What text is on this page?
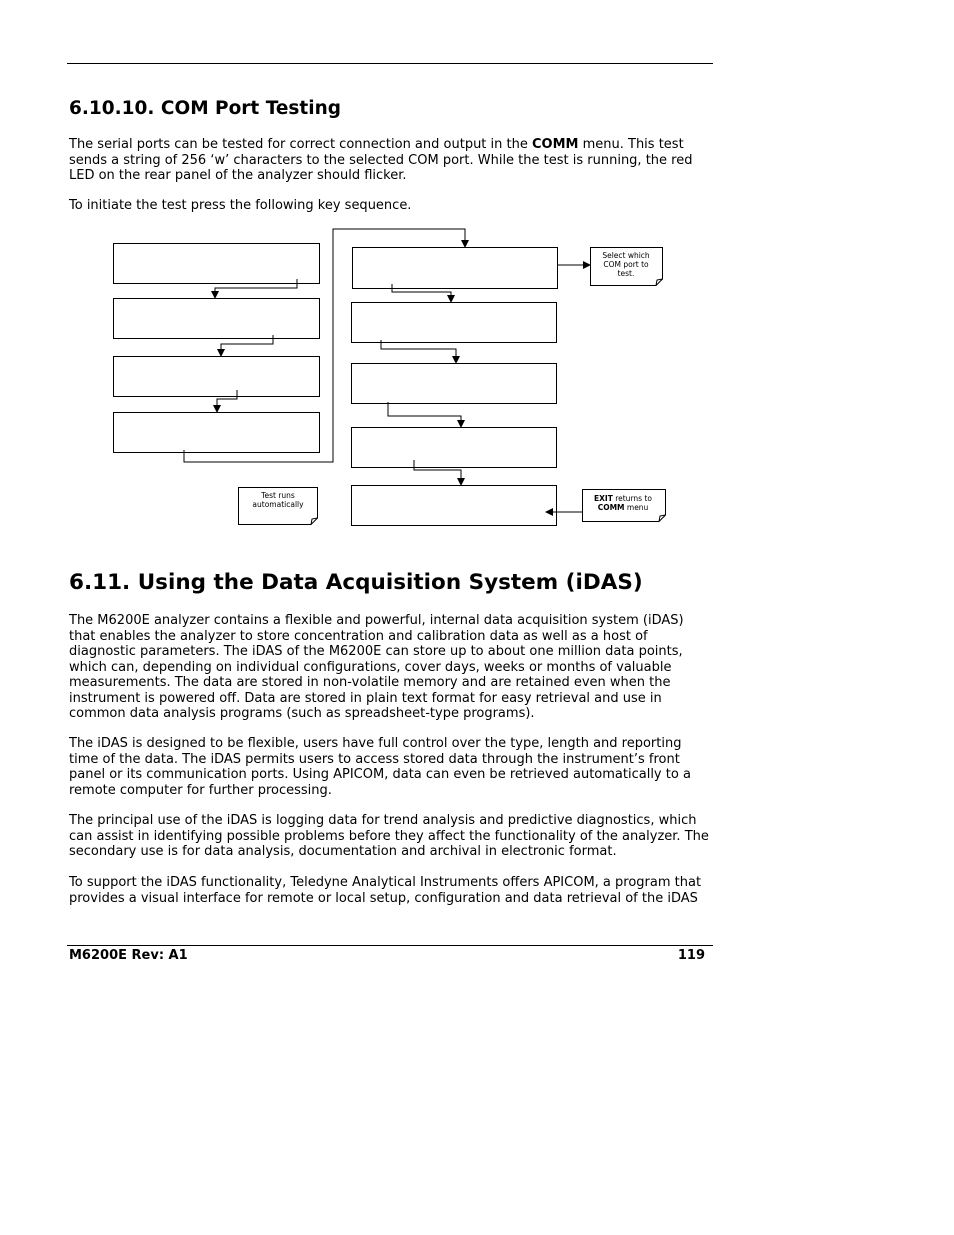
6.10.10. COM Port Testing

The serial ports can be tested for correct connection and output in the COMM menu. This test sends a string of 256 ‘w’ characters to the selected COM port. While the test is running, the red LED on the rear panel of the analyzer should flicker.

To initiate the test press the following key sequence.

Select which
COM port to
test.
Test runs
automatically
EXIT returns to
COMM menu
6.11. Using the Data Acquisition System (iDAS)

The M6200E analyzer contains a flexible and powerful, internal data acquisition system (iDAS) that enables the analyzer to store concentration and calibration data as well as a host of diagnostic parameters. The iDAS of the M6200E can store up to about one million data points, which can, depending on individual configurations, cover days, weeks or months of valuable measurements. The data are stored in non-volatile memory and are retained even when the instrument is powered off. Data are stored in plain text format for easy retrieval and use in common data analysis programs (such as spreadsheet-type programs).

The iDAS is designed to be flexible, users have full control over the type, length and reporting time of the data. The iDAS permits users to access stored data through the instrument’s front panel or its communication ports. Using APICOM, data can even be retrieved automatically to a remote computer for further processing.

The principal use of the iDAS is logging data for trend analysis and predictive diagnostics, which can assist in identifying possible problems before they affect the functionality of the analyzer. The secondary use is for data analysis, documentation and archival in electronic format.

To support the iDAS functionality, Teledyne Analytical Instruments offers APICOM, a program that provides a visual interface for remote or local setup, configuration and data retrieval of the iDAS

M6200E Rev: A1	119
